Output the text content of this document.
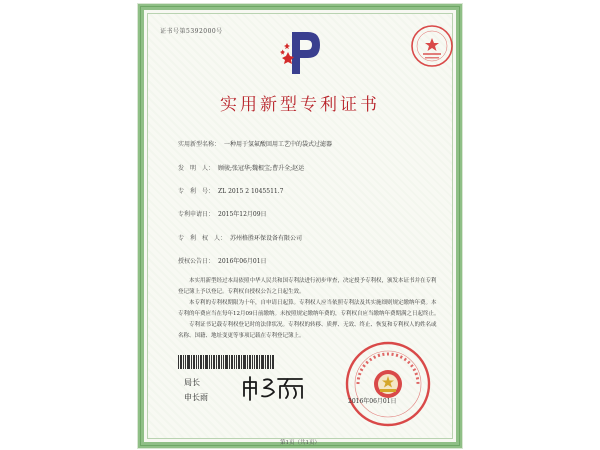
证书号第5392000号
实用新型专利证书
实用新型名称： 一种用于氢氟酸回用工艺中的袋式过滤器
发　明　人： 顾骏;张冠华;魏根宝;曹升全;赵运
专　利　号： ZL 2015 2 1045511.7
专利申请日： 2015年12月09日
专　利　权　人： 苏州格胜环保设备有限公司
授权公告日： 2016年06月01日
本实用新型经过本局依照中华人民共和国专利法进行初步审查，决定授予专利权，颁发本证书并在专利登记簿上予以登记。专利权自授权公告之日起生效。
本专利的专利权期限为十年，自申请日起算。专利权人应当依照专利法及其实施细则规定缴纳年费。本专利的年费应当在每年12月09日前缴纳。未按照规定缴纳年费的，专利权自应当缴纳年费期满之日起终止。
专利证书记载专利权登记时的法律状况。专利权的转移、质押、无效、终止、恢复和专利权人的姓名或名称、国籍、地址变更等事项记载在专利登记簿上。
局长
申长雨	2016年06月01日
第1页（共1页）
